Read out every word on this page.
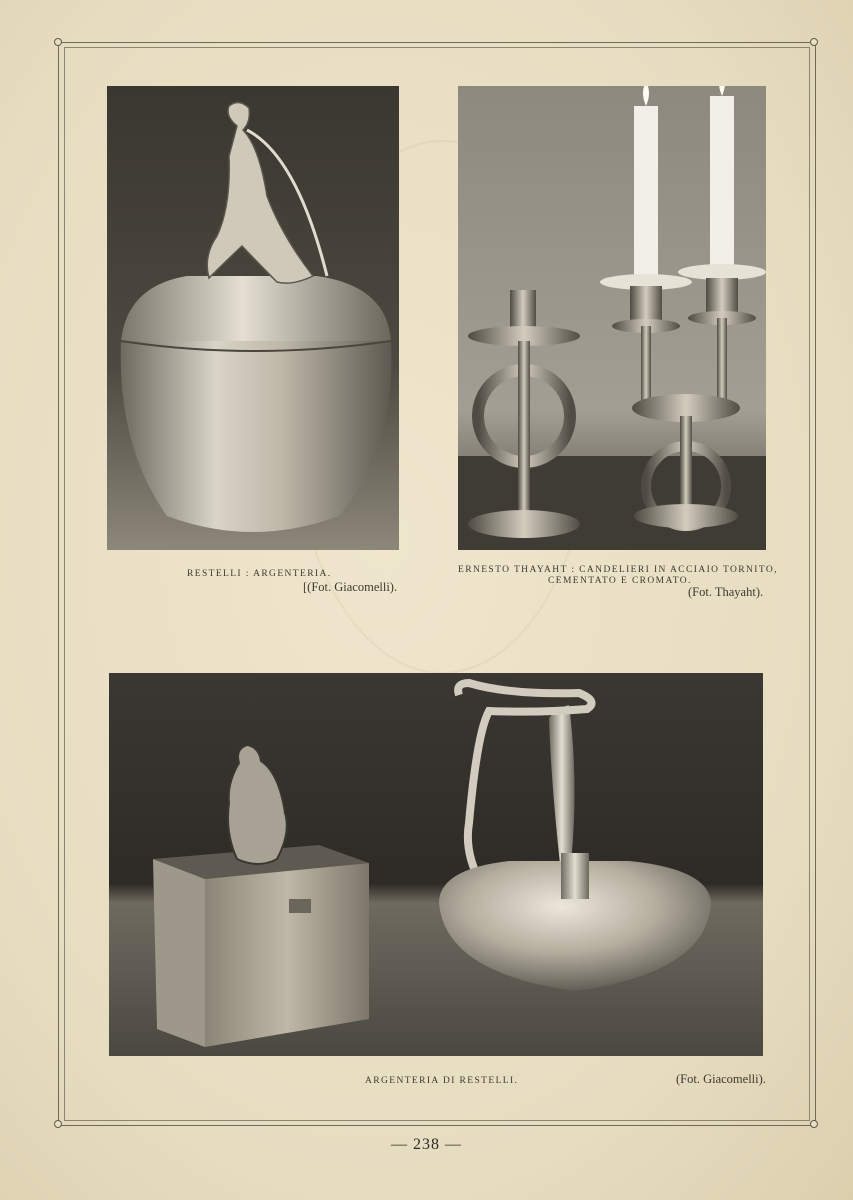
RESTELLI : ARGENTERIA.
[(Fot. Giacomelli).
ERNESTO THAYAHT : CANDELIERI IN ACCIAIO TORNITO,
CEMENTATO E CROMATO.
(Fot. Thayaht).
ARGENTERIA DI RESTELLI.	(Fot. Giacomelli).
— 238 —
